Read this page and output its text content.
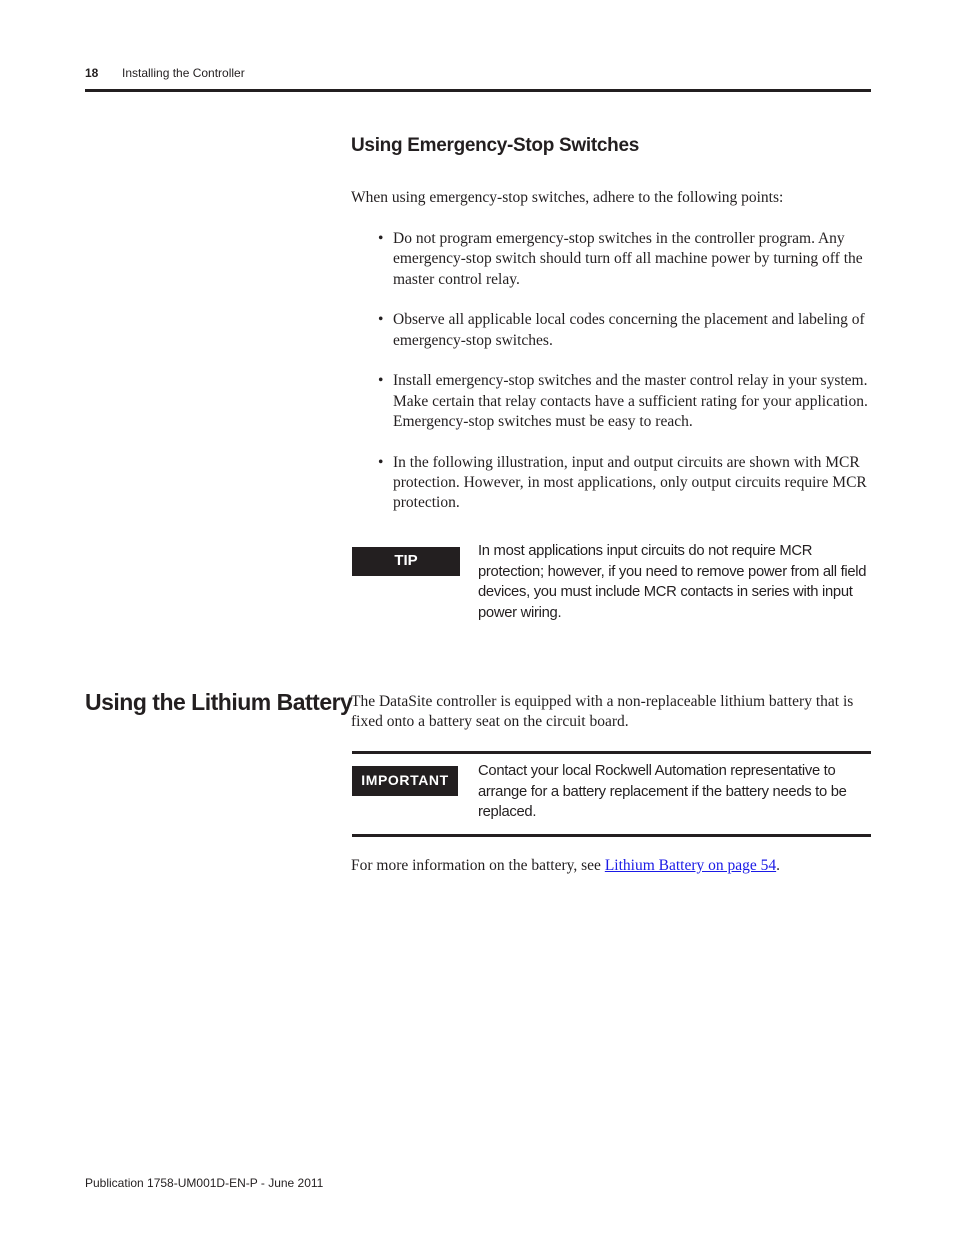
18 Installing the Controller
Using Emergency-Stop Switches
When using emergency-stop switches, adhere to the following points:
• Do not program emergency-stop switches in the controller program. Any emergency-stop switch should turn off all machine power by turning off the master control relay.
• Observe all applicable local codes concerning the placement and labeling of emergency-stop switches.
• Install emergency-stop switches and the master control relay in your system. Make certain that relay contacts have a sufficient rating for your application. Emergency-stop switches must be easy to reach.
• In the following illustration, input and output circuits are shown with MCR protection. However, in most applications, only output circuits require MCR protection.
TIP
In most applications input circuits do not require MCR protection; however, if you need to remove power from all field devices, you must include MCR contacts in series with input power wiring.
Using the Lithium Battery
The DataSite controller is equipped with a non-replaceable lithium battery that is fixed onto a battery seat on the circuit board.
IMPORTANT
Contact your local Rockwell Automation representative to arrange for a battery replacement if the battery needs to be replaced.
For more information on the battery, see Lithium Battery on page 54.
Publication 1758-UM001D-EN-P - June 2011
